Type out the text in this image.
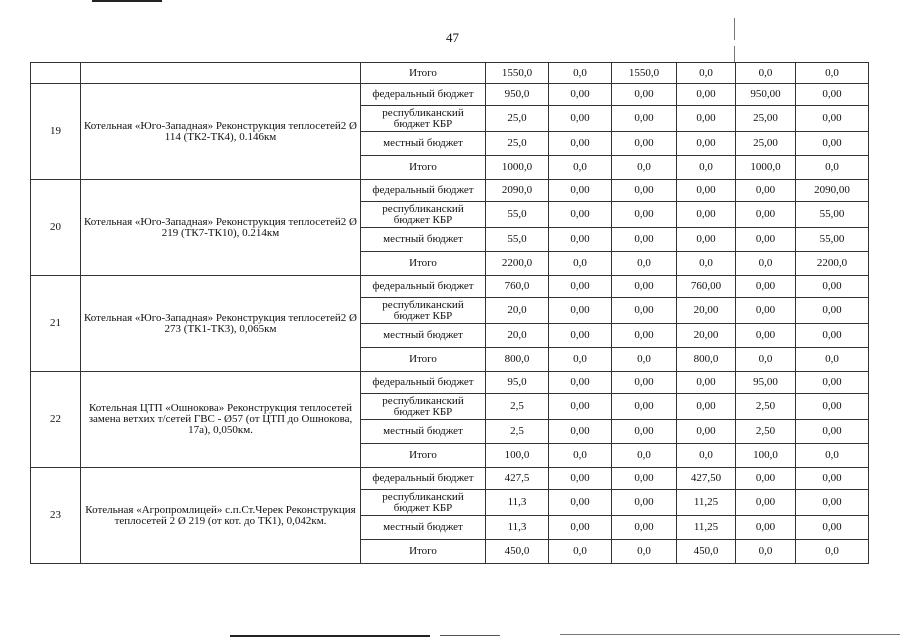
47
		Итого	1550,0	0,0	1550,0	0,0	0,0	0,0
19	Котельная «Юго-Западная» Реконструкция теплосетей2 Ø 114 (ТК2-ТК4), 0.146км	федеральный бюджет	950,0	0,00	0,00	0,00	950,00	0,00
		республиканский бюджет КБР	25,0	0,00	0,00	0,00	25,00	0,00
		местный бюджет	25,0	0,00	0,00	0,00	25,00	0,00
		Итого	1000,0	0,0	0,0	0,0	1000,0	0,0
20	Котельная «Юго-Западная» Реконструкция теплосетей2 Ø 219 (ТК7-ТК10), 0.214км	федеральный бюджет	2090,0	0,00	0,00	0,00	0,00	2090,00
		республиканский бюджет КБР	55,0	0,00	0,00	0,00	0,00	55,00
		местный бюджет	55,0	0,00	0,00	0,00	0,00	55,00
		Итого	2200,0	0,0	0,0	0,0	0,0	2200,0
21	Котельная «Юго-Западная» Реконструкция теплосетей2 Ø 273 (ТК1-ТК3), 0,065км	федеральный бюджет	760,0	0,00	0,00	760,00	0,00	0,00
		республиканский бюджет КБР	20,0	0,00	0,00	20,00	0,00	0,00
		местный бюджет	20,0	0,00	0,00	20,00	0,00	0,00
		Итого	800,0	0,0	0,0	800,0	0,0	0,0
22	Котельная ЦТП «Ошнокова» Реконструкция теплосетей замена ветхих т/сетей ГВС - Ø57 (от ЦТП до Ошнокова, 17а), 0,050км.	федеральный бюджет	95,0	0,00	0,00	0,00	95,00	0,00
		республиканский бюджет КБР	2,5	0,00	0,00	0,00	2,50	0,00
		местный бюджет	2,5	0,00	0,00	0,00	2,50	0,00
		Итого	100,0	0,0	0,0	0,0	100,0	0,0
23	Котельная «Агропромлицей» с.п.Ст.Черек Реконструкция теплосетей 2 Ø 219 (от кот. до ТК1), 0,042км.	федеральный бюджет	427,5	0,00	0,00	427,50	0,00	0,00
		республиканский бюджет КБР	11,3	0,00	0,00	11,25	0,00	0,00
		местный бюджет	11,3	0,00	0,00	11,25	0,00	0,00
		Итого	450,0	0,0	0,0	450,0	0,0	0,0
